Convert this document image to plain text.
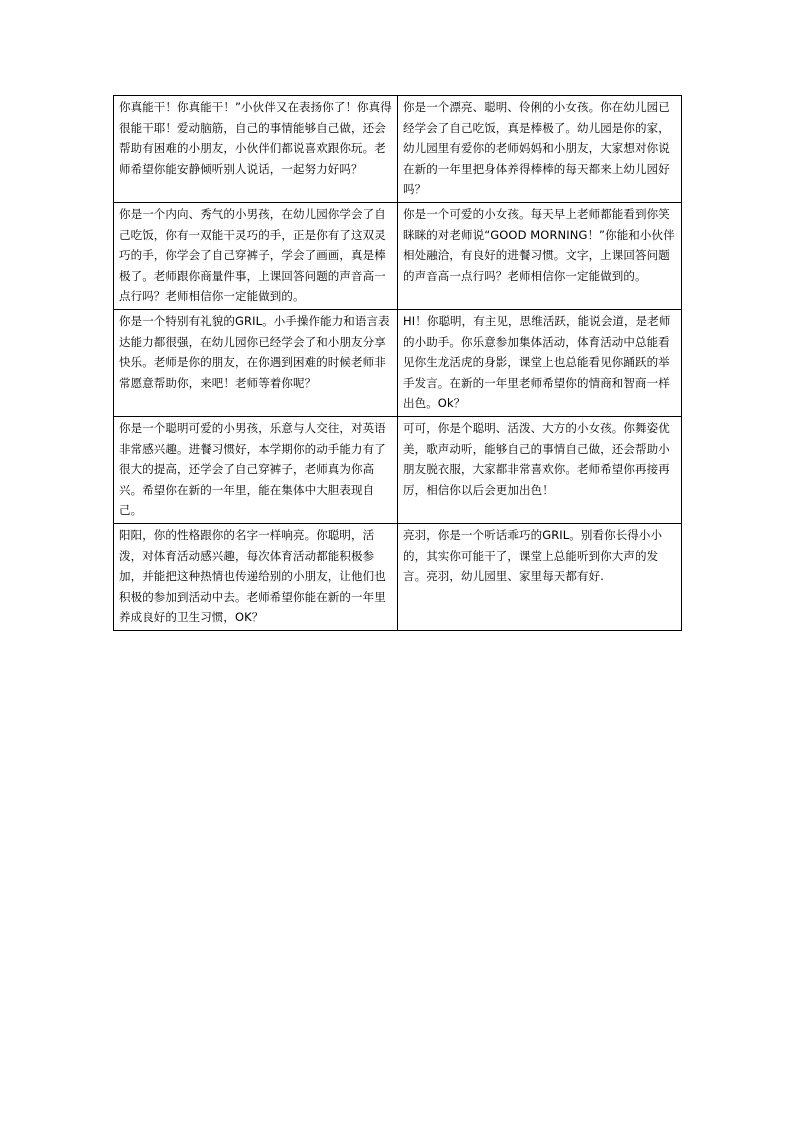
你真能干！你真能干！”小伙伴又在表扬你了！你真得很能干耶！爱动脑筋，自己的事情能够自己做，还会帮助有困难的小朋友，小伙伴们都说喜欢跟你玩。老师希望你能安静倾听别人说话，一起努力好吗？	你是一个漂亮、聪明、伶俐的小女孩。你在幼儿园已经学会了自己吃饭，真是棒极了。幼儿园是你的家，幼儿园里有爱你的老师妈妈和小朋友，大家想对你说在新的一年里把身体养得棒棒的每天都来上幼儿园好吗？
你是一个内向、秀气的小男孩，在幼儿园你学会了自己吃饭，你有一双能干灵巧的手，正是你有了这双灵巧的手，你学会了自己穿裤子，学会了画画，真是棒极了。老师跟你商量件事，上课回答问题的声音高一点行吗？老师相信你一定能做到的。	你是一个可爱的小女孩。每天早上老师都能看到你笑眯眯的对老师说“GOOD MORNING！”你能和小伙伴相处融洽，有良好的进餐习惯。文字，上课回答问题的声音高一点行吗？老师相信你一定能做到的。
你是一个特别有礼貌的GRIL。小手操作能力和语言表达能力都很强，在幼儿园你已经学会了和小朋友分享快乐。老师是你的朋友，在你遇到困难的时候老师非常愿意帮助你，来吧！老师等着你呢？	HI！你聪明，有主见，思维活跃，能说会道，是老师的小助手。你乐意参加集体活动，体育活动中总能看见你生龙活虎的身影，课堂上也总能看见你踊跃的举手发言。在新的一年里老师希望你的情商和智商一样出色。Ok？
你是一个聪明可爱的小男孩，乐意与人交往，对英语非常感兴趣。进餐习惯好，本学期你的动手能力有了很大的提高，还学会了自己穿裤子，老师真为你高兴。希望你在新的一年里，能在集体中大胆表现自己。	可可，你是个聪明、活泼、大方的小女孩。你舞姿优美，歌声动听，能够自己的事情自己做，还会帮助小朋友脱衣服，大家都非常喜欢你。老师希望你再接再厉，相信你以后会更加出色！
阳阳，你的性格跟你的名字一样响亮。你聪明，活泼，对体育活动感兴趣，每次体育活动都能积极参加，并能把这种热情也传递给别的小朋友，让他们也积极的参加到活动中去。老师希望你能在新的一年里养成良好的卫生习惯，OK？	亮羽，你是一个听话乖巧的GRIL。别看你长得小小的，其实你可能干了，课堂上总能听到你大声的发言。亮羽，幼儿园里、家里每天都有好.
